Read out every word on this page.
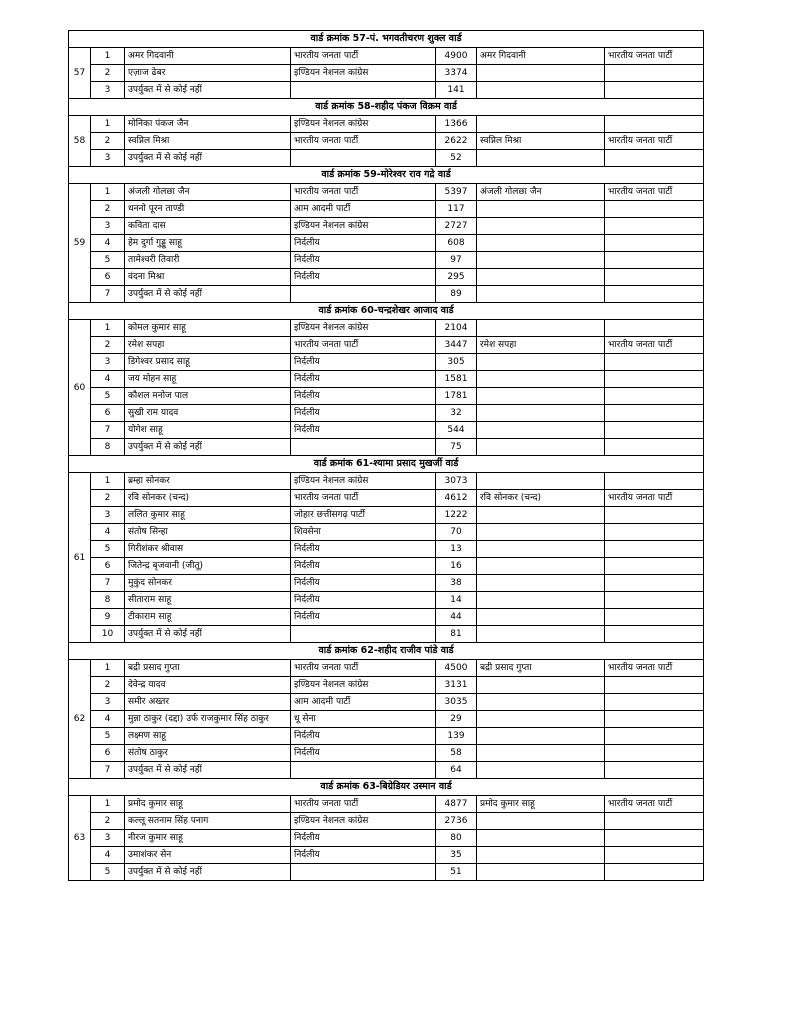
वार्ड क्रमांक 57-पं. भगवतीचरण शुक्ल वार्ड						
57	1	अमर गिदवानी	भारतीय जनता पार्टी	4900	अमर गिदवानी	भारतीय जनता पार्टी
	2	एज़ाज ढेबर	इण्डियन नेशनल कांग्रेस	3374		
	3	उपर्युक्त में से कोई नहीं		141		
वार्ड क्रमांक 58-शहीद पंकज विक्रम वार्ड						
58	1	मोनिका पंकज जैन	इण्डियन नेशनल कांग्रेस	1366		
	2	स्वप्निल मिश्रा	भारतीय जनता पार्टी	2622	स्वप्निल मिश्रा	भारतीय जनता पार्टी
	3	उपर्युक्त में से कोई नहीं		52		
वार्ड क्रमांक 59-मोरेश्वर राव गद्रे वार्ड						
59	1	अंजली गोलछा जैन	भारतीय जनता पार्टी	5397	अंजली गोलछा जैन	भारतीय जनता पार्टी
	2	धननो पूरन ताण्डी	आम आदमी पार्टी	117		
	3	कविता दास	इण्डियन नेशनल कांग्रेस	2727		
	4	हेम दुर्गा गुड्डू साहू	निर्दलीय	608		
	5	तामेश्वरी तिवारी	निर्दलीय	97		
	6	वंदना मिश्रा	निर्दलीय	295		
	7	उपर्युक्त में से कोई नहीं		89		
वार्ड क्रमांक 60-चन्द्रशेखर आजाद वार्ड						
60	1	कोमल कुमार साहू	इण्डियन नेशनल कांग्रेस	2104		
	2	रमेश सपहा	भारतीय जनता पार्टी	3447	रमेश सपहा	भारतीय जनता पार्टी
	3	डिगेश्वर प्रसाद साहू	निर्दलीय	305		
	4	जय मोहन साहू	निर्दलीय	1581		
	5	कौशल मनोज पाल	निर्दलीय	1781		
	6	सुखी राम यादव	निर्दलीय	32		
	7	योगेश साहू	निर्दलीय	544		
	8	उपर्युक्त में से कोई नहीं		75		
वार्ड क्रमांक 61-श्यामा प्रसाद मुखर्जी वार्ड						
61	1	ब्रम्हा सोनकर	इण्डियन नेशनल कांग्रेस	3073		
	2	रवि सोनकर (चन्द)	भारतीय जनता पार्टी	4612	रवि सोनकर (चन्द)	भारतीय जनता पार्टी
	3	ललित कुमार साहू	जोहार छत्तीसगढ़ पार्टी	1222		
	4	संतोष सिन्हा	शिवसेना	70		
	5	गिरीशंकर श्रीवास	निर्दलीय	13		
	6	जितेन्द्र बृजवानी (जीतू)	निर्दलीय	16		
	7	मुकुंद सोनकर	निर्दलीय	38		
	8	सीताराम साहू	निर्दलीय	14		
	9	टीकाराम साहू	निर्दलीय	44		
	10	उपर्युक्त में से कोई नहीं		81		
वार्ड क्रमांक 62-शहीद राजीव पांडे वार्ड						
62	1	बद्री प्रसाद गुप्ता	भारतीय जनता पार्टी	4500	बद्री प्रसाद गुप्ता	भारतीय जनता पार्टी
	2	देवेन्द्र यादव	इण्डियन नेशनल कांग्रेस	3131		
	3	समीर अख्तर	आम आदमी पार्टी	3035		
	4	मुन्ना ठाकुर (दद्दा) उर्फ राजकुमार सिंह ठाकुर	धू सेना	29		
	5	लक्ष्मण साहू	निर्दलीय	139		
	6	संतोष ठाकुर	निर्दलीय	58		
	7	उपर्युक्त में से कोई नहीं		64		
वार्ड क्रमांक 63-बिग्रेडियर उस्मान वार्ड						
63	1	प्रमोद कुमार साहू	भारतीय जनता पार्टी	4877	प्रमोद कुमार साहू	भारतीय जनता पार्टी
	2	कल्लू सतनाम सिंह पनाग	इण्डियन नेशनल कांग्रेस	2736		
	3	नीरज कुमार साहू	निर्दलीय	80		
	4	उमाशंकर सेन	निर्दलीय	35		
	5	उपर्युक्त में से कोई नहीं		51		
